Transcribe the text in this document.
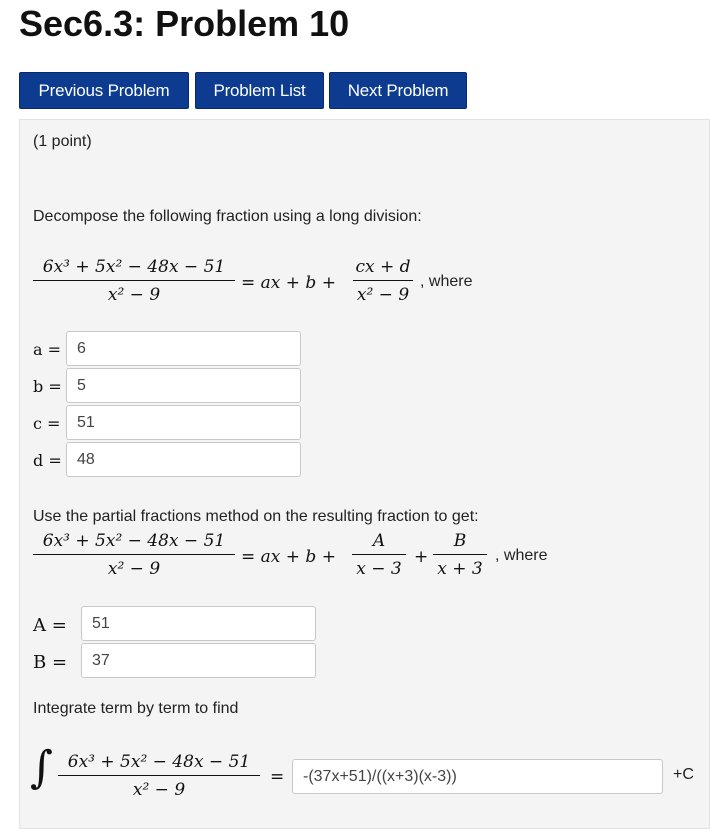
Sec6.3: Problem 10
Previous Problem	Problem List	Next Problem
(1 point)
Decompose the following fraction using a long division:
6x³ + 5x² − 48x − 51
x² − 9
= ax + b +
cx + d
x² − 9
, where
a = 6
b = 5
c =	51
d = 48
Use the partial fractions method on the resulting fraction to get:
6x³ + 5x² − 48x − 51
x² − 9
= ax + b +
A
x − 3
+
B
x + 3
, where
A =	51
B =	37
Integrate term by term to find
∫ 6x³ + 5x² − 48x − 51
x² − 9
=	-(37x+51)/((x+3)(x-3))	+C
